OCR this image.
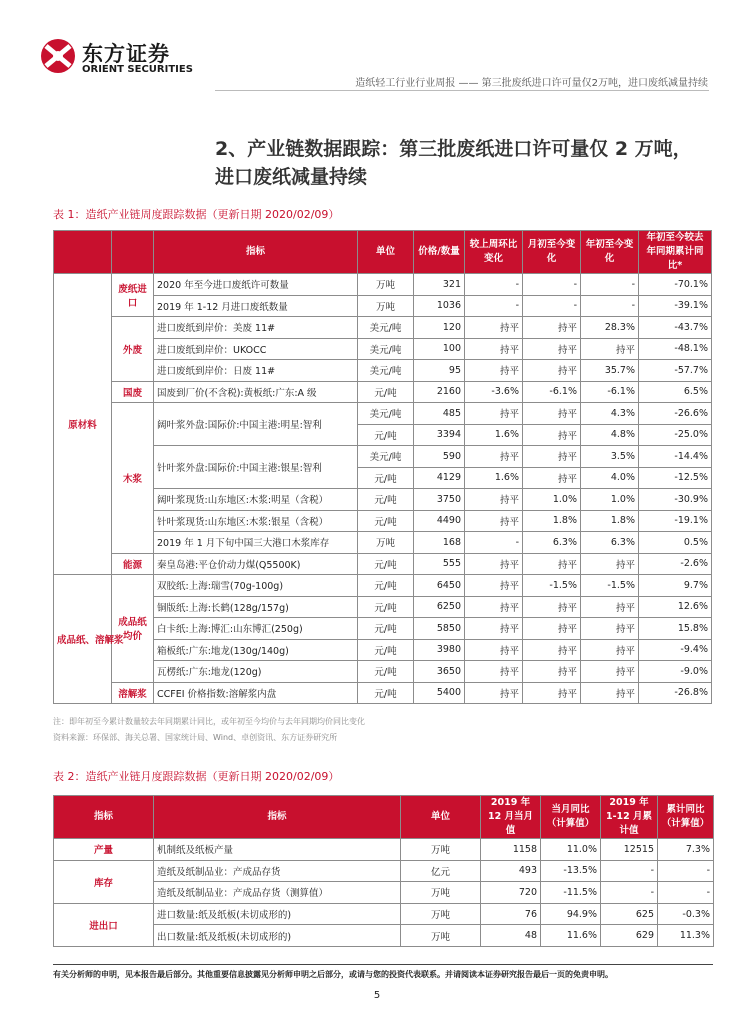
东方证券
ORIENT SECURITIES
造纸轻工行业行业周报 —— 第三批废纸进口许可量仅2万吨，进口废纸减量持续
2、产业链数据跟踪：第三批废纸进口许可量仅 2 万吨，进口废纸减量持续
表 1：造纸产业链周度跟踪数据（更新日期 2020/02/09）
		指标	单位	价格/数量	较上周环比变化	月初至今变化	年初至今变化	年初至今较去年同期累计同比*
原材料	废纸进口	2020 年至今进口废纸许可数量	万吨	321	-	-	-	-70.1%
		2019 年 1-12 月进口废纸数量	万吨	1036	-	-	-	-39.1%
	外废	进口废纸到岸价：美废 11#	美元/吨	120	持平	持平	28.3%	-43.7%
		进口废纸到岸价：UKOCC	美元/吨	100	持平	持平	持平	-48.1%
		进口废纸到岸价：日废 11#	美元/吨	95	持平	持平	35.7%	-57.7%
	国废	国废到厂价(不含税):黄板纸:广东:A 级	元/吨	2160	-3.6%	-6.1%	-6.1%	6.5%
	木浆	阔叶浆外盘:国际价:中国主港:明星:智利	美元/吨	485	持平	持平	4.3%	-26.6%
			元/吨	3394	1.6%	持平	4.8%	-25.0%
		针叶浆外盘:国际价:中国主港:银星:智利	美元/吨	590	持平	持平	3.5%	-14.4%
			元/吨	4129	1.6%	持平	4.0%	-12.5%
		阔叶浆现货:山东地区:木浆:明星（含税）	元/吨	3750	持平	1.0%	1.0%	-30.9%
		针叶浆现货:山东地区:木浆:银星（含税）	元/吨	4490	持平	1.8%	1.8%	-19.1%
		2019 年 1 月下旬中国三大港口木浆库存	万吨	168	-	6.3%	6.3%	0.5%
	能源	秦皇岛港:平仓价动力煤(Q5500K)	元/吨	555	持平	持平	持平	-2.6%
成品纸、溶解浆	成品纸均价	双胶纸:上海:瑞雪(70g-100g)	元/吨	6450	持平	-1.5%	-1.5%	9.7%
		铜版纸:上海:长鹤(128g/157g)	元/吨	6250	持平	持平	持平	12.6%
		白卡纸:上海:博汇:山东博汇(250g)	元/吨	5850	持平	持平	持平	15.8%
		箱板纸:广东:地龙(130g/140g)	元/吨	3980	持平	持平	持平	-9.4%
		瓦楞纸:广东:地龙(120g)	元/吨	3650	持平	持平	持平	-9.0%
	溶解浆	CCFEI 价格指数:溶解浆内盘	元/吨	5400	持平	持平	持平	-26.8%
注：即年初至今累计数量较去年同期累计同比，或年初至今均价与去年同期均价同比变化
资料来源：环保部、海关总署、国家统计局、Wind、卓创资讯、东方证券研究所
表 2：造纸产业链月度跟踪数据（更新日期 2020/02/09）
指标	指标	单位	2019 年 12 月当月值	当月同比（计算值）	2019 年 1-12 月累计值	累计同比（计算值）
产量	机制纸及纸板产量	万吨	1158	11.0%	12515	7.3%
库存	造纸及纸制品业：产成品存货	亿元	493	-13.5%	-	-
	造纸及纸制品业：产成品存货（测算值）	万吨	720	-11.5%	-	-
进出口	进口数量:纸及纸板(未切成形的)	万吨	76	94.9%	625	-0.3%
	出口数量:纸及纸板(未切成形的)	万吨	48	11.6%	629	11.3%
有关分析师的申明，见本报告最后部分。其他重要信息披露见分析师申明之后部分，或请与您的投资代表联系。并请阅读本证券研究报告最后一页的免责申明。
5
